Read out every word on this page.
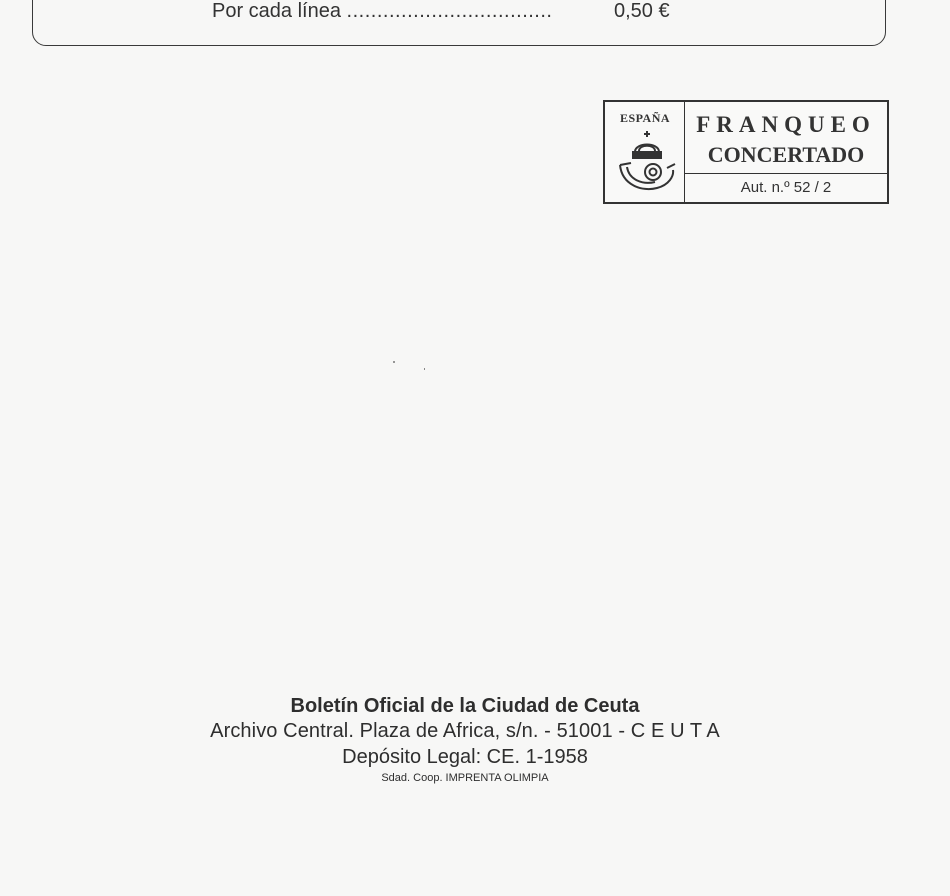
Por cada línea ..................................	0,50 €
ESPAÑA	FRANQUEO
CONCERTADO
Aut. n.º 52 / 2
Boletín Oficial de la Ciudad de Ceuta
Archivo Central. Plaza de Africa, s/n. - 51001 - C E U T A
Depósito Legal: CE. 1-1958
Sdad. Coop. IMPRENTA OLIMPIA
